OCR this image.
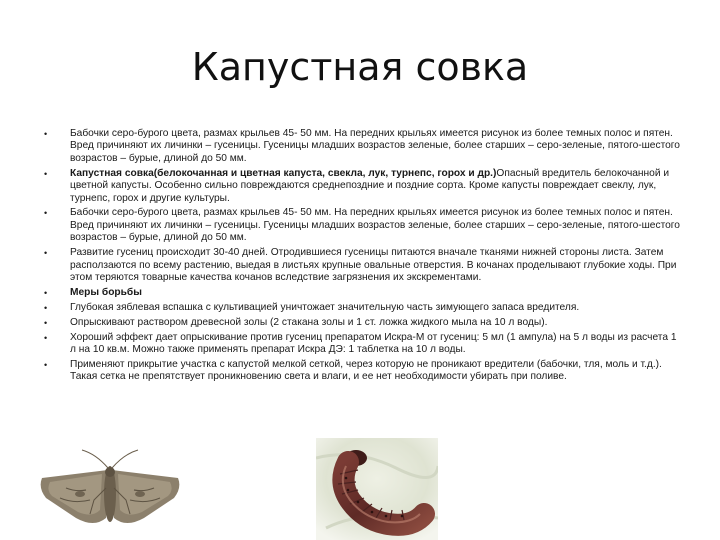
Капустная совка
• Бабочки серо-бурого цвета, размах крыльев 45- 50 мм. На передних крыльях имеется рисунок из более темных полос и пятен. Вред причиняют их личинки – гусеницы. Гусеницы младших возрастов зеленые, более старших – серо-зеленые, пятого-шестого возрастов – бурые, длиной до 50 мм.
• Капустная совка(белокочанная и цветная капуста, свекла, лук, турнепс, горох и др.)Опасный вредитель белокочанной и цветной капусты. Особенно сильно повреждаются среднепоздние и поздние сорта. Кроме капусты повреждает свеклу, лук, турнепс, горох и другие культуры.
• Бабочки серо-бурого цвета, размах крыльев 45- 50 мм. На передних крыльях имеется рисунок из более темных полос и пятен. Вред причиняют их личинки – гусеницы. Гусеницы младших возрастов зеленые, более старших – серо-зеленые, пятого-шестого возрастов – бурые, длиной до 50 мм.
• Развитие гусениц происходит 30-40 дней. Отродившиеся гусеницы питаются вначале тканями нижней стороны листа. Затем расползаются по всему растению, выедая в листьях крупные овальные отверстия. В кочанах проделывают глубокие ходы. При этом теряются товарные качества кочанов вследствие загрязнения их экскрементами.
• Меры борьбы
• Глубокая зяблевая вспашка с культивацией уничтожает значительную часть зимующего запаса вредителя.
• Опрыскивают раствором древесной золы (2 стакана золы и 1 ст. ложка жидкого мыла на 10 л воды).
• Хороший эффект дает опрыскивание против гусениц препаратом Искра-М от гусениц: 5 мл (1 ампула) на 5 л воды из расчета 1 л на 10 кв.м. Можно также применять препарат Искра ДЭ: 1 таблетка на 10 л воды.
• Применяют прикрытие участка с капустой мелкой сеткой, через которую не проникают вредители (бабочки, тля, моль и т.д.). Такая сетка не препятствует проникновению света и влаги, и ее нет необходимости убирать при поливе.
